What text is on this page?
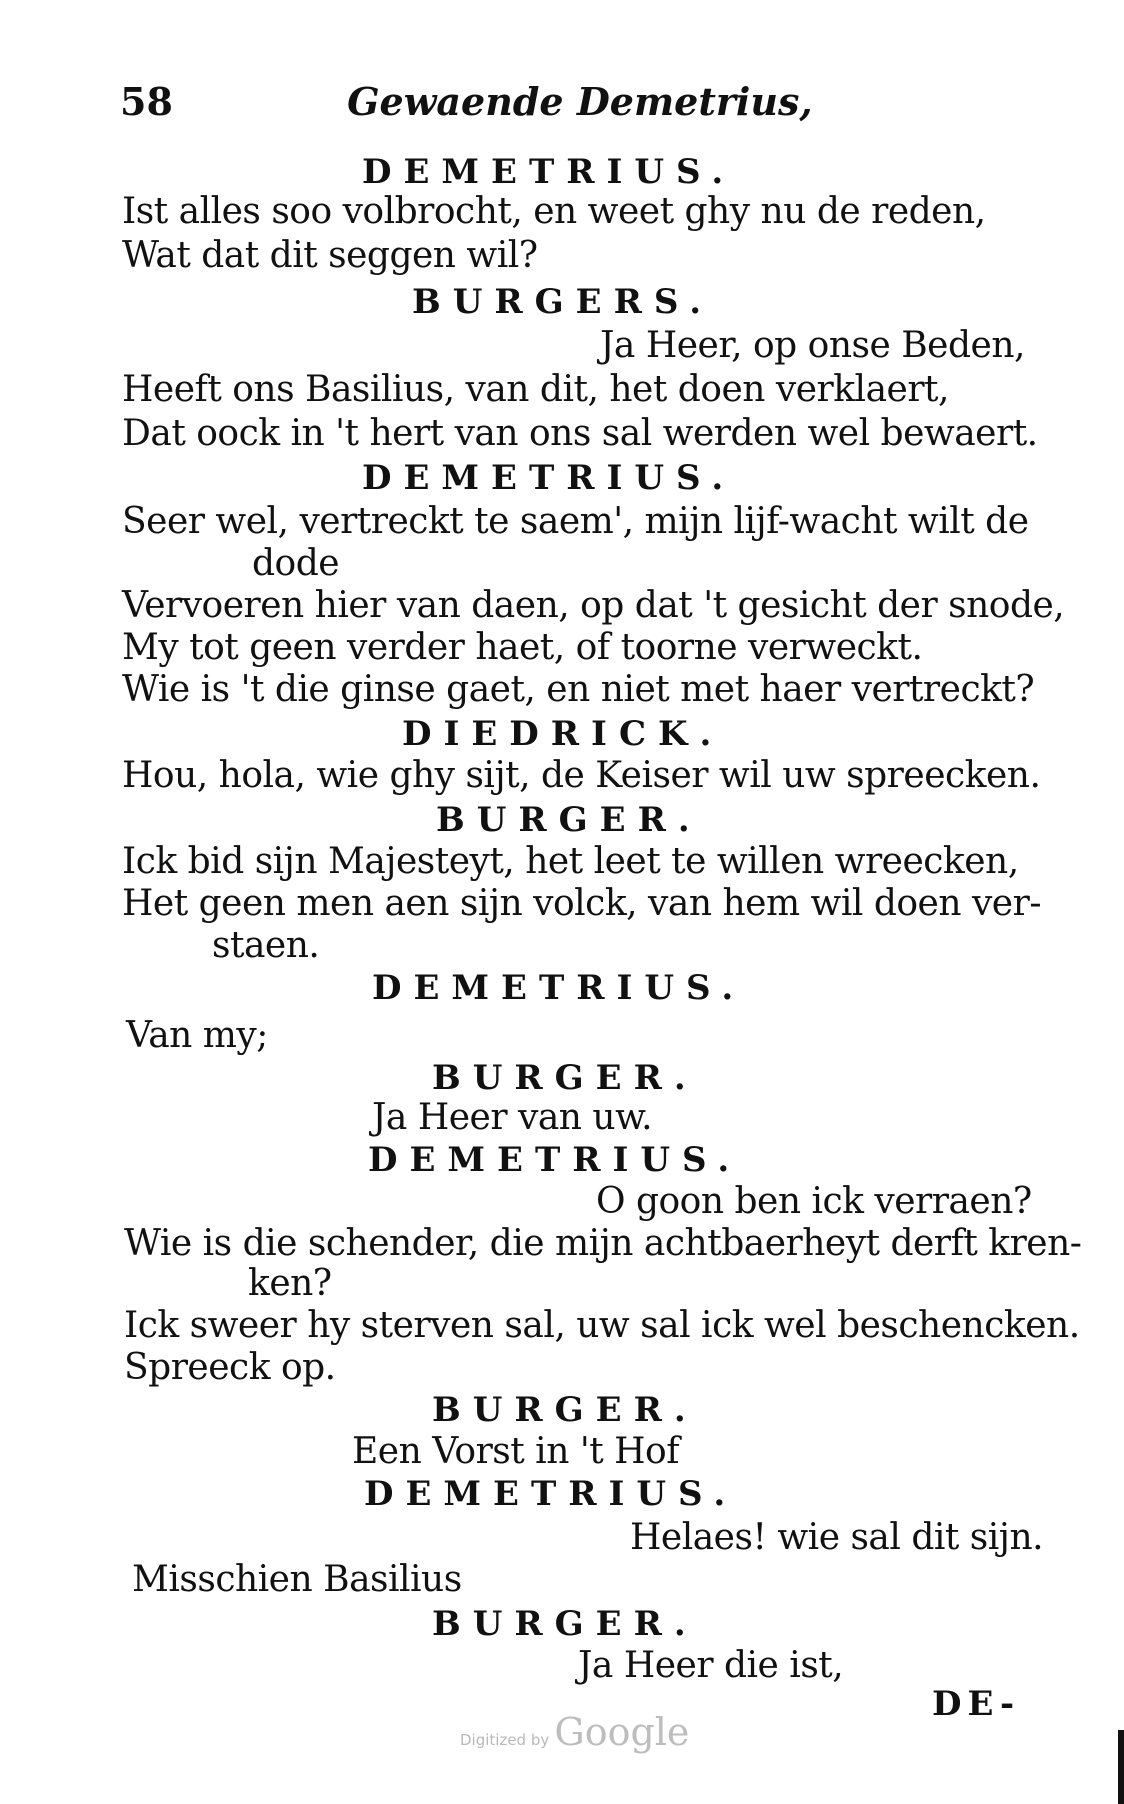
58	Gewaende Demetrius,
DEMETRIUS.
Ist alles soo volbrocht, en weet ghy nu de reden,
Wat dat dit seggen wil?
BURGERS.
Ja Heer, op onse Beden,
Heeft ons Basilius, van dit, het doen verklaert,
Dat oock in 't hert van ons sal werden wel bewaert.
DEMETRIUS.
Seer wel, vertreckt te saem', mijn lijf-wacht wilt de
dode
Vervoeren hier van daen, op dat 't gesicht der snode,
My tot geen verder haet, of toorne verweckt.
Wie is 't die ginse gaet, en niet met haer vertreckt?
DIEDRICK.
Hou, hola, wie ghy sijt, de Keiser wil uw spreecken.
BURGER.
Ick bid sijn Majesteyt, het leet te willen wreecken,
Het geen men aen sijn volck, van hem wil doen ver-
staen.
DEMETRIUS.
Van my;
BURGER.
Ja Heer van uw.
DEMETRIUS.
O goon ben ick verraen?
Wie is die schender, die mijn achtbaerheyt derft kren-
ken?
Ick sweer hy sterven sal, uw sal ick wel beschencken.
Spreeck op.
BURGER.
Een Vorst in 't Hof
DEMETRIUS.
Helaes! wie sal dit sijn.
Misschien Basilius
BURGER.
Ja Heer die ist,
DE-
Digitized by Google
